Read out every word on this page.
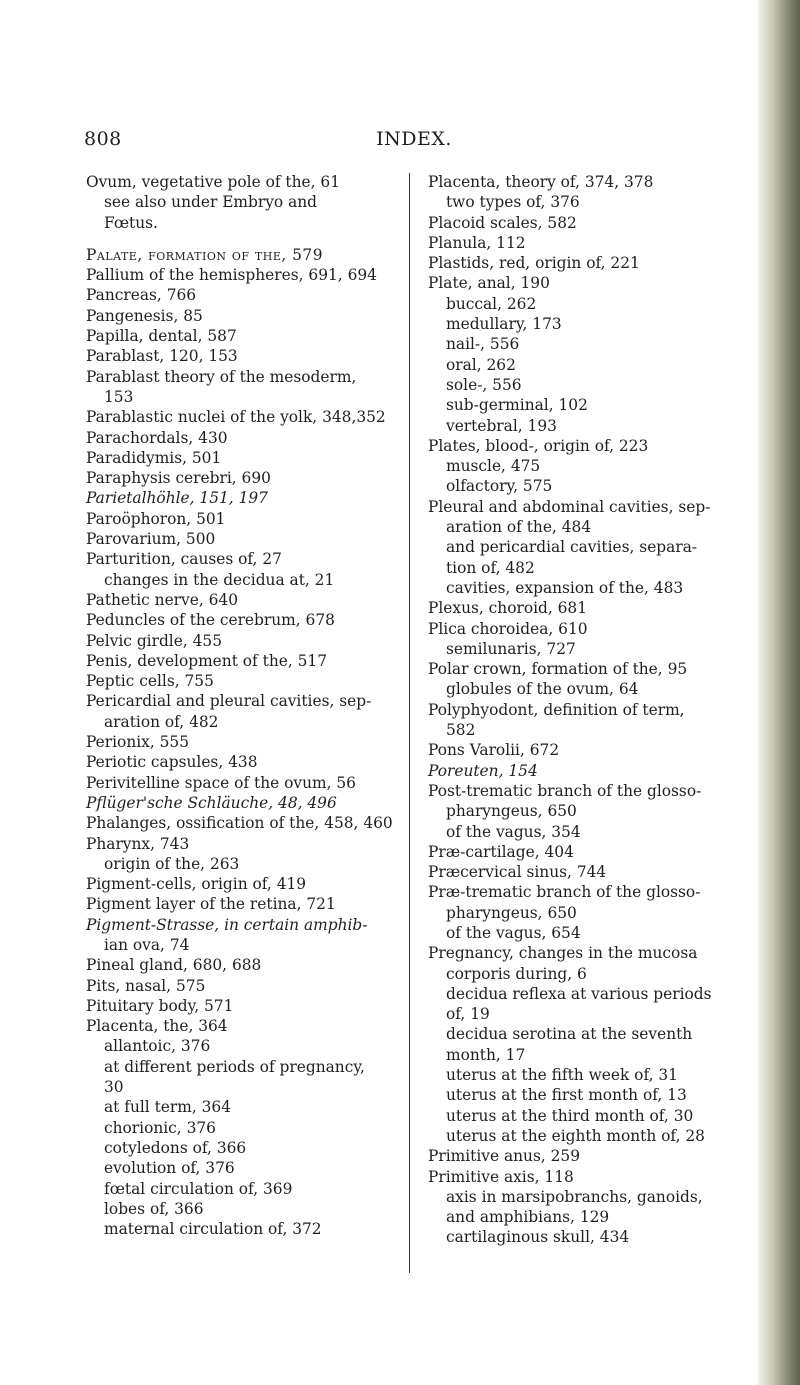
808	INDEX.
Ovum, vegetative pole of the, 61
see also under Embryo and
Fœtus.
Palate, formation of the, 579
Pallium of the hemispheres, 691, 694
Pancreas, 766
Pangenesis, 85
Papilla, dental, 587
Parablast, 120, 153
Parablast theory of the mesoderm,
153
Parablastic nuclei of the yolk, 348,352
Parachordals, 430
Paradidymis, 501
Paraphysis cerebri, 690
Parietalhöhle, 151, 197
Paroöphoron, 501
Parovarium, 500
Parturition, causes of, 27
changes in the decidua at, 21
Pathetic nerve, 640
Peduncles of the cerebrum, 678
Pelvic girdle, 455
Penis, development of the, 517
Peptic cells, 755
Pericardial and pleural cavities, sep-
aration of, 482
Perionix, 555
Periotic capsules, 438
Perivitelline space of the ovum, 56
Pflüger'sche Schläuche, 48, 496
Phalanges, ossification of the, 458, 460
Pharynx, 743
origin of the, 263
Pigment-cells, origin of, 419
Pigment layer of the retina, 721
Pigment-Strasse, in certain amphib-
ian ova, 74
Pineal gland, 680, 688
Pits, nasal, 575
Pituitary body, 571
Placenta, the, 364
allantoic, 376
at different periods of pregnancy,
30
at full term, 364
chorionic, 376
cotyledons of, 366
evolution of, 376
fœtal circulation of, 369
lobes of, 366
maternal circulation of, 372
Placenta, theory of, 374, 378
two types of, 376
Placoid scales, 582
Planula, 112
Plastids, red, origin of, 221
Plate, anal, 190
buccal, 262
medullary, 173
nail-, 556
oral, 262
sole-, 556
sub-germinal, 102
vertebral, 193
Plates, blood-, origin of, 223
muscle, 475
olfactory, 575
Pleural and abdominal cavities, sep-
aration of the, 484
and pericardial cavities, separa-
tion of, 482
cavities, expansion of the, 483
Plexus, choroid, 681
Plica choroidea, 610
semilunaris, 727
Polar crown, formation of the, 95
globules of the ovum, 64
Polyphyodont, definition of term,
582
Pons Varolii, 672
Poreuten, 154
Post-trematic branch of the glosso-
pharyngeus, 650
of the vagus, 354
Præ-cartilage, 404
Præcervical sinus, 744
Præ-trematic branch of the glosso-
pharyngeus, 650
of the vagus, 654
Pregnancy, changes in the mucosa
corporis during, 6
decidua reflexa at various periods
of, 19
decidua serotina at the seventh
month, 17
uterus at the fifth week of, 31
uterus at the first month of, 13
uterus at the third month of, 30
uterus at the eighth month of, 28
Primitive anus, 259
Primitive axis, 118
axis in marsipobranchs, ganoids,
and amphibians, 129
cartilaginous skull, 434
